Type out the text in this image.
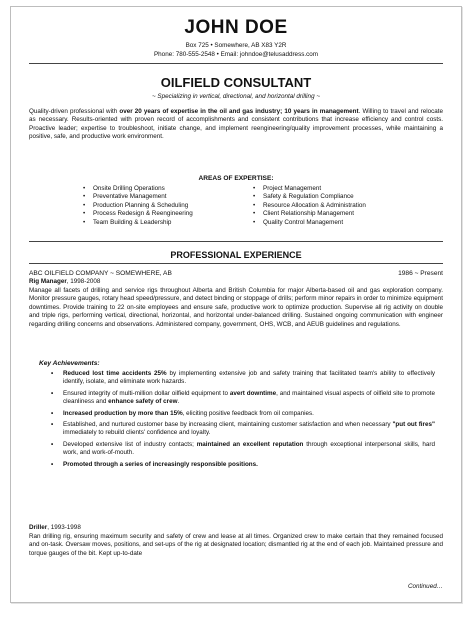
JOHN DOE
Box 725 • Somewhere, AB X83 Y2R
Phone: 780-555-2548 • Email: johndoe@telusaddress.com
OILFIELD CONSULTANT
~ Specializing in vertical, directional, and horizontal drilling ~
Quality-driven professional with over 20 years of expertise in the oil and gas industry; 10 years in management. Willing to travel and relocate as necessary. Results-oriented with proven record of accomplishments and consistent contributions that increase efficiency and control costs. Proactive leader; expertise to troubleshoot, initiate change, and implement reengineering/quality improvement processes, while maintaining a positive, safe, and productive work environment.
AREAS OF EXPERTISE:
• Onsite Drilling Operations
• Preventative Management
• Production Planning & Scheduling
• Process Redesign & Reengineering
• Team Building & Leadership
• Project Management
• Safety & Regulation Compliance
• Resource Allocation & Administration
• Client Relationship Management
• Quality Control Management
PROFESSIONAL EXPERIENCE
ABC OILFIELD COMPANY ~ SOMEWHERE, AB	1986 ~ Present
Rig Manager, 1998-2008
Manage all facets of drilling and service rigs throughout Alberta and British Columbia for major Alberta-based oil and gas exploration company. Monitor pressure gauges, rotary head speed/pressure, and detect binding or stoppage of drills; perform minor repairs in order to minimize equipment downtimes. Provide training to 22 on-site employees and ensure safe, productive work to optimize production. Supervise all rig activity on double and triple rigs, performing vertical, directional, horizontal, and horizontal under-balanced drilling. Sustained ongoing communication with engineer regarding drilling concerns and observations. Administered company, government, OHS, WCB, and AEUB guidelines and regulations.
Key Achievements:
• Reduced lost time accidents 25% by implementing extensive job and safety training that facilitated team's ability to effectively identify, isolate, and eliminate work hazards.
• Ensured integrity of multi-million dollar oilfield equipment to avert downtime, and maintained visual aspects of oilfield site to promote cleanliness and enhance safety of crew.
• Increased production by more than 15%, eliciting positive feedback from oil companies.
• Established, and nurtured customer base by increasing client, maintaining customer satisfaction and when necessary "put out fires" immediately to rebuild clients' confidence and loyalty.
• Developed extensive list of industry contacts; maintained an excellent reputation through exceptional interpersonal skills, hard work, and work-of-mouth.
• Promoted through a series of increasingly responsible positions.
Driller, 1993-1998
Ran drilling rig, ensuring maximum security and safety of crew and lease at all times. Organized crew to make certain that they remained focused and on-task. Oversaw moves, positions, and set-ups of the rig at designated location; dismantled rig at the end of each job. Maintained pressure and torque gauges of the bit. Kept up-to-date
Continued…
